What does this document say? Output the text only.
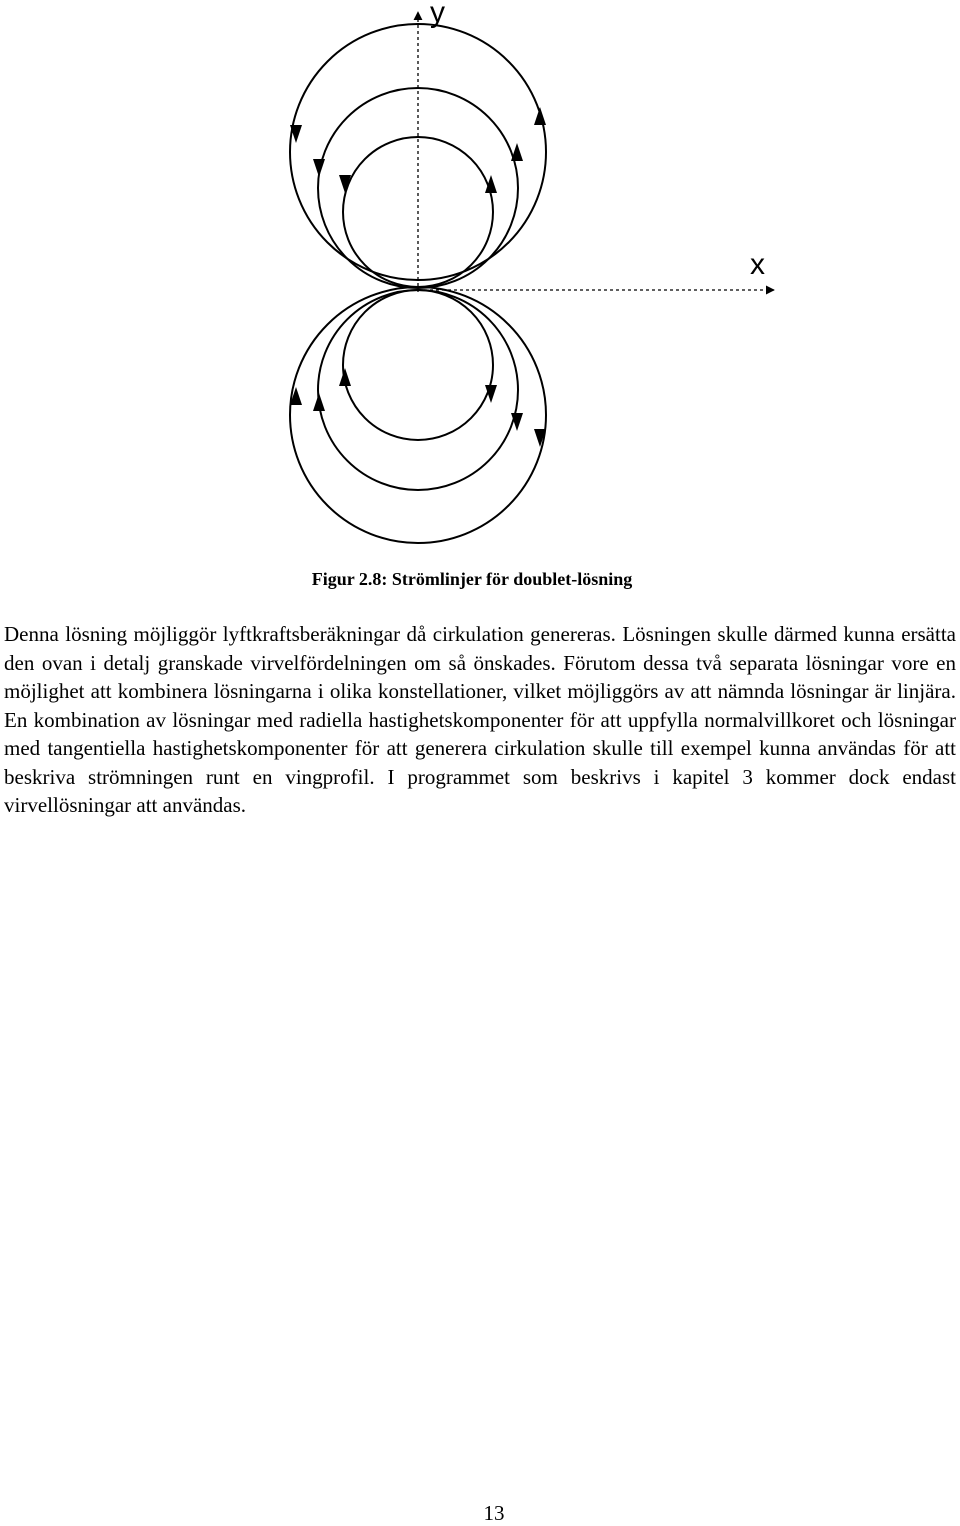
y
x
Figur 2.8: Strömlinjer för doublet-lösning

Denna lösning möjliggör lyftkraftsberäkningar då cirkulation genereras. Lösningen skulle därmed kunna ersätta den ovan i detalj granskade virvelfördelningen om så önskades. Förutom dessa två separata lösningar vore en möjlighet att kombinera lösningarna i olika konstellationer, vilket möjliggörs av att nämnda lösningar är linjära. En kombination av lösningar med radiella hastighetskomponenter för att uppfylla normalvillkoret och lösningar med tangentiella hastighetskomponenter för att generera cirkulation skulle till exempel kunna användas för att beskriva strömningen runt en vingprofil. I programmet som beskrivs i kapitel 3 kommer dock endast virvellösningar att användas.

13
